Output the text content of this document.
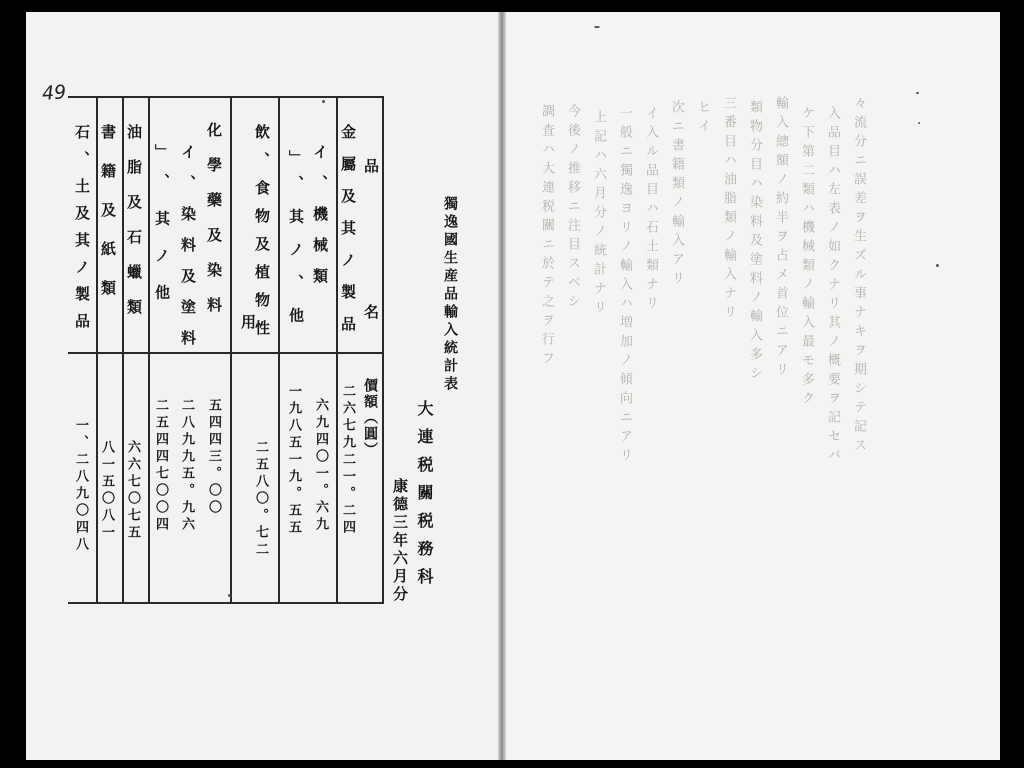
49
獨逸國生産品輸入統計表
大連税關税務科
康德三年六月分
品　名
價額（圓）
金屬及其ノ製品
イ、機械類
」、其ノ、他
飲、食物及植物性
用
化學藥及染料
イ、染料及塗料
」、其ノ他
油脂及石蠟類
書籍及紙類
石、土及其ノ製品
二六七九二一。二四
六九四〇一。六九
一九八五一九。五五
二五八〇。七二
五四四三。〇〇
二八九九五。九六
二五四四七〇〇四
六六七〇七五
八一五〇八一
一、二八九〇四八
々流分ニ誤差ヲ生ズル事ナキヲ期シテ記ス
入品目ハ左表ノ如クナリ其ノ概要ヲ記セバ
ケ下第二類ハ機械類ノ輸入最モ多ク
輸入總額ノ約半ヲ占メ首位ニアリ
類物分目ハ染料及塗料ノ輸入多シ
三番目ハ油脂類ノ輸入ナリ
ヒイ
次ニ書籍類ノ輸入アリ
イ入ル品目ハ石土類ナリ
一般ニ獨逸ヨリノ輸入ハ増加ノ傾向ニアリ
上記ハ六月分ノ統計ナリ
今後ノ推移ニ注目スベシ
調査ハ大連税關ニ於テ之ヲ行フ
